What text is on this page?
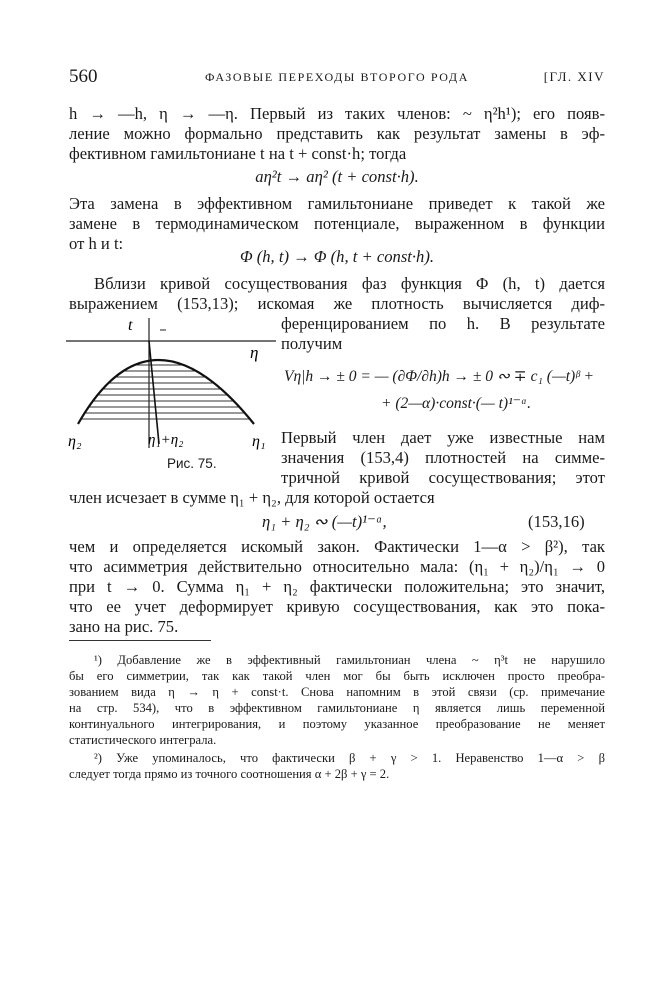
560	ФАЗОВЫЕ ПЕРЕХОДЫ ВТОРОГО РОДА	[ГЛ. XIV
h → —h, η → —η. Первый из таких членов: ~ η²h¹); его появ-
ление можно формально представить как результат замены в эф-
фективном гамильтониане t на t + const·h; тогда
aη²t → aη² (t + const·h).
Эта замена в эффективном гамильтониане приведет к такой же
замене в термодинамическом потенциале, выраженном в функции
от h и t:
Φ (h, t) → Φ (h, t + const·h).
Вблизи кривой сосуществования фаз функция Φ (h, t) дается
выражением (153,13); искомая же плотность вычисляется диф-
ференцированием по h. В результате
получим
Vη|h → ± 0 = — (∂Φ/∂h)h → ± 0 ∾ ∓ c₁ (—t)ᵝ +
+ (2—α)·const·(— t)¹⁻ᵅ.
t
η
η₂	η₁+η₂	η₁
Рис. 75.
Первый член дает уже известные нам
значения (153,4) плотностей на симме-
тричной кривой сосуществования; этот
член исчезает в сумме η₁ + η₂, для которой остается
η₁ + η₂ ∾ (—t)¹⁻ᵅ,	(153,16)
чем и определяется искомый закон. Фактически 1—α > β²), так
что асимметрия действительно относительно мала: (η₁ + η₂)/η₁ → 0
при t → 0. Сумма η₁ + η₂ фактически положительна; это значит,
что ее учет деформирует кривую сосуществования, как это пока-
зано на рис. 75.
¹) Добавление же в эффективный гамильтониан члена ~ η³t не нарушило
бы его симметрии, так как такой член мог бы быть исключен просто преобра-
зованием вида η → η + const·t. Снова напомним в этой связи (ср. примечание
на стр. 534), что в эффективном гамильтониане η является лишь переменной
континуального интегрирования, и поэтому указанное преобразование не меняет
статистического интеграла.
²) Уже упоминалось, что фактически β + γ > 1. Неравенство 1—α > β
следует тогда прямо из точного соотношения α + 2β + γ = 2.
